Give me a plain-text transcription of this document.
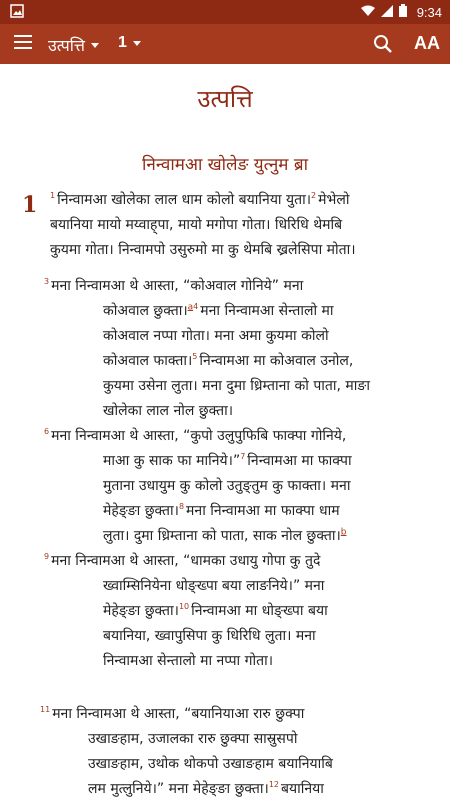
9:34
उत्पत्ति 1	AA
उत्पत्ति
निन्वामआ खोलेङ युत्नुम ब्रा
1 $^1$ निन्वामआ खोलेका लाल धाम कोलो बयानिया युता।$^2$ मेभेलो
बयानिया मायो मय्वाह्‌पा, मायो मगोपा गोता। धिरिधि थेमबि
कुयमा गोता। निन्वामपो उसुरुमो मा कु थेमबि ख्रलेसिपा मोता।
$^3$ मना निन्वामआ थे आस्ता, “कोअवाल गोनिये” मना
कोअवाल छुक्ता।$^{a4}$ मना निन्वामआ सेन्तालो मा
कोअवाल नप्पा गोता। मना अमा कुयमा कोलो
कोअवाल फाक्ता।$^5$ निन्वामआ मा कोअवाल उनोल,
कुयमा उसेना लुता। मना दुमा ध्रिम्ताना को पाता, माङा
खोलेका लाल नोल छुक्ता।
$^6$ मना निन्वामआ थे आस्ता, “कुपो उलुपुफिबि फाक्पा गोनिये,
माआ कु साक फा मानिये।”$^7$ निन्वामआ मा फाक्पा
मुताना उधायुम कु कोलो उतुङ्तुम कु फाक्ता। मना
मेहेङ्ङा छुक्ता।$^8$ मना निन्वामआ मा फाक्पा धाम
लुता। दुमा ध्रिम्ताना को पाता, साक नोल छुक्ता।$^b$
$^9$ मना निन्वामआ थे आस्ता, “धामका उधायु गोपा कु तुदे
ख्वाम्सिनियेना धोङ्ख्पा बया लाङनिये।” मना
मेहेङ्ङा छुक्ता।$^{10}$ निन्वामआ मा धोङ्ख्पा बया
बयानिया, ख्वापुसिपा कु धिरिधि लुता। मना
निन्वामआ सेन्तालो मा नप्पा गोता।
$^{11}$ मना निन्वामआ थे आस्ता, “बयानियाआ रारु छुक्पा
उखाङहाम, उजालका रारु छुक्पा सास्रुसपो
उखाङहाम, उथोक थोकपो उखाङहाम बयानियाबि
लम मुत्लुनिये।” मना मेहेङ्ङा छुक्ता।$^{12}$ बयानिया
